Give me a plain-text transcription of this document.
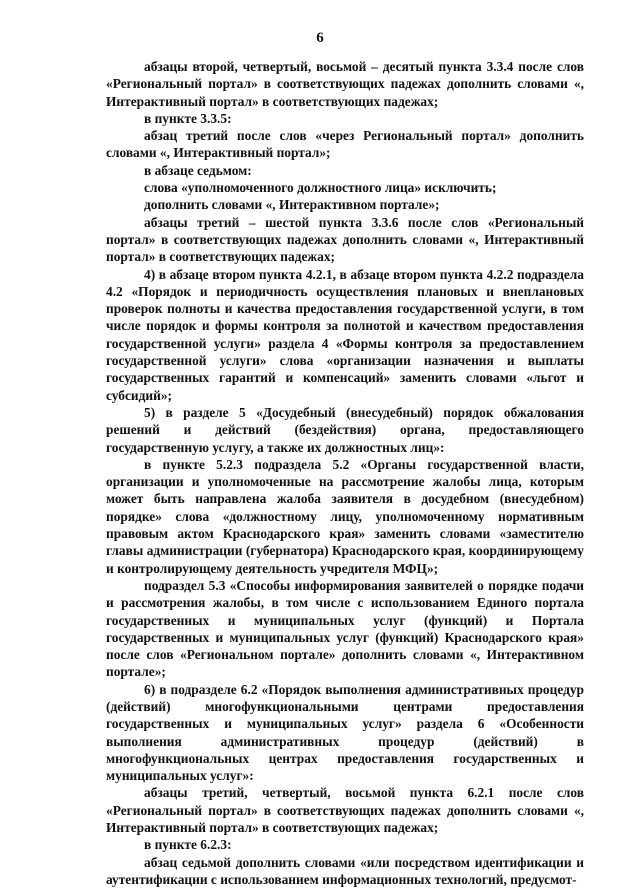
6

абзацы второй, четвертый, восьмой – десятый пункта 3.3.4 после слов «Региональный портал» в соответствующих падежах дополнить словами «, Интерактивный портал» в соответствующих падежах;

в пункте 3.3.5:

абзац третий после слов «через Региональный портал» дополнить словами «, Интерактивный портал»;

в абзаце седьмом:

слова «уполномоченного должностного лица» исключить;

дополнить словами «, Интерактивном портале»;

абзацы третий – шестой пункта 3.3.6 после слов «Региональный портал» в соответствующих падежах дополнить словами «, Интерактивный портал» в соответствующих падежах;

4) в абзаце втором пункта 4.2.1, в абзаце втором пункта 4.2.2 подраздела 4.2 «Порядок и периодичность осуществления плановых и внеплановых проверок полноты и качества предоставления государственной услуги, в том числе порядок и формы контроля за полнотой и качеством предоставления государственной услуги» раздела 4 «Формы контроля за предоставлением государственной услуги» слова «организации назначения и выплаты государственных гарантий и компенсаций» заменить словами «льгот и субсидий»;

5) в разделе 5 «Досудебный (внесудебный) порядок обжалования решений и действий (бездействия) органа, предоставляющего государственную услугу, а также их должностных лиц»:

в пункте 5.2.3 подраздела 5.2 «Органы государственной власти, организации и уполномоченные на рассмотрение жалобы лица, которым может быть направлена жалоба заявителя в досудебном (внесудебном) порядке» слова «должностному лицу, уполномоченному нормативным правовым актом Краснодарского края» заменить словами «заместителю главы администрации (губернатора) Краснодарского края, координирующему и контролирующему деятельность учредителя МФЦ»;

подраздел 5.3 «Способы информирования заявителей о порядке подачи и рассмотрения жалобы, в том числе с использованием Единого портала государственных и муниципальных услуг (функций) и Портала государственных и муниципальных услуг (функций) Краснодарского края» после слов «Региональном портале» дополнить словами «, Интерактивном портале»;

6) в подразделе 6.2 «Порядок выполнения административных процедур (действий) многофункциональными центрами предоставления государственных и муниципальных услуг» раздела 6 «Особенности выполнения административных процедур (действий) в многофункциональных центрах предоставления государственных и муниципальных услуг»:

абзацы третий, четвертый, восьмой пункта 6.2.1 после слов «Региональный портал» в соответствующих падежах дополнить словами «, Интерактивный портал» в соответствующих падежах;

в пункте 6.2.3:

абзац седьмой дополнить словами «или посредством идентификации и аутентификации с использованием информационных технологий, предусмот-
